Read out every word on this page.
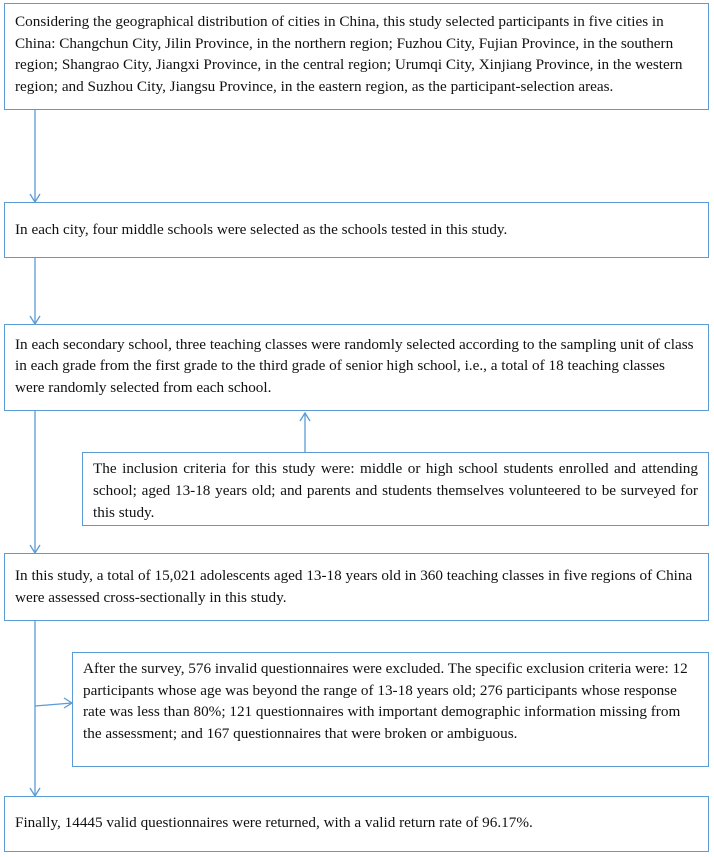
Considering the geographical distribution of cities in China, this study selected participants in five cities in China: Changchun City, Jilin Province, in the northern region; Fuzhou City, Fujian Province, in the southern region; Shangrao City, Jiangxi Province, in the central region; Urumqi City, Xinjiang Province, in the western region; and Suzhou City, Jiangsu Province, in the eastern region, as the participant-selection areas.
In each city, four middle schools were selected as the schools tested in this study.
In each secondary school, three teaching classes were randomly selected according to the sampling unit of class in each grade from the first grade to the third grade of senior high school, i.e., a total of 18 teaching classes were randomly selected from each school.
The inclusion criteria for this study were: middle or high school students enrolled and attending school; aged 13-18 years old; and parents and students themselves volunteered to be surveyed for this study.
In this study, a total of 15,021 adolescents aged 13-18 years old in 360 teaching classes in five regions of China were assessed cross-sectionally in this study.
After the survey, 576 invalid questionnaires were excluded. The specific exclusion criteria were: 12 participants whose age was beyond the range of 13-18 years old; 276 participants whose response rate was less than 80%; 121 questionnaires with important demographic information missing from the assessment; and 167 questionnaires that were broken or ambiguous.
Finally, 14445 valid questionnaires were returned, with a valid return rate of 96.17%.
